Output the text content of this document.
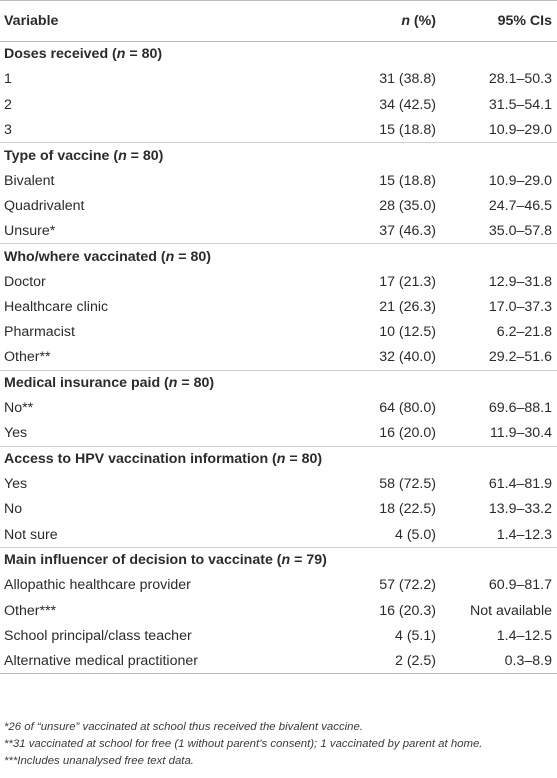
Variable	n (%)	95% CIs
Doses received (n = 80)		
1	31 (38.8)	28.1–50.3
2	34 (42.5)	31.5–54.1
3	15 (18.8)	10.9–29.0
Type of vaccine (n = 80)		
Bivalent	15 (18.8)	10.9–29.0
Quadrivalent	28 (35.0)	24.7–46.5
Unsure*	37 (46.3)	35.0–57.8
Who/where vaccinated (n = 80)		
Doctor	17 (21.3)	12.9–31.8
Healthcare clinic	21 (26.3)	17.0–37.3
Pharmacist	10 (12.5)	6.2–21.8
Other**	32 (40.0)	29.2–51.6
Medical insurance paid (n = 80)		
No**	64 (80.0)	69.6–88.1
Yes	16 (20.0)	11.9–30.4
Access to HPV vaccination information (n = 80)		
Yes	58 (72.5)	61.4–81.9
No	18 (22.5)	13.9–33.2
Not sure	4 (5.0)	1.4–12.3
Main influencer of decision to vaccinate (n = 79)		
Allopathic healthcare provider	57 (72.2)	60.9–81.7
Other***	16 (20.3)	Not available
School principal/class teacher	4 (5.1)	1.4–12.5
Alternative medical practitioner	2 (2.5)	0.3–8.9

*26 of “unsure” vaccinated at school thus received the bivalent vaccine.

**31 vaccinated at school for free (1 without parent’s consent); 1 vaccinated by parent at home.

***Includes unanalysed free text data.
